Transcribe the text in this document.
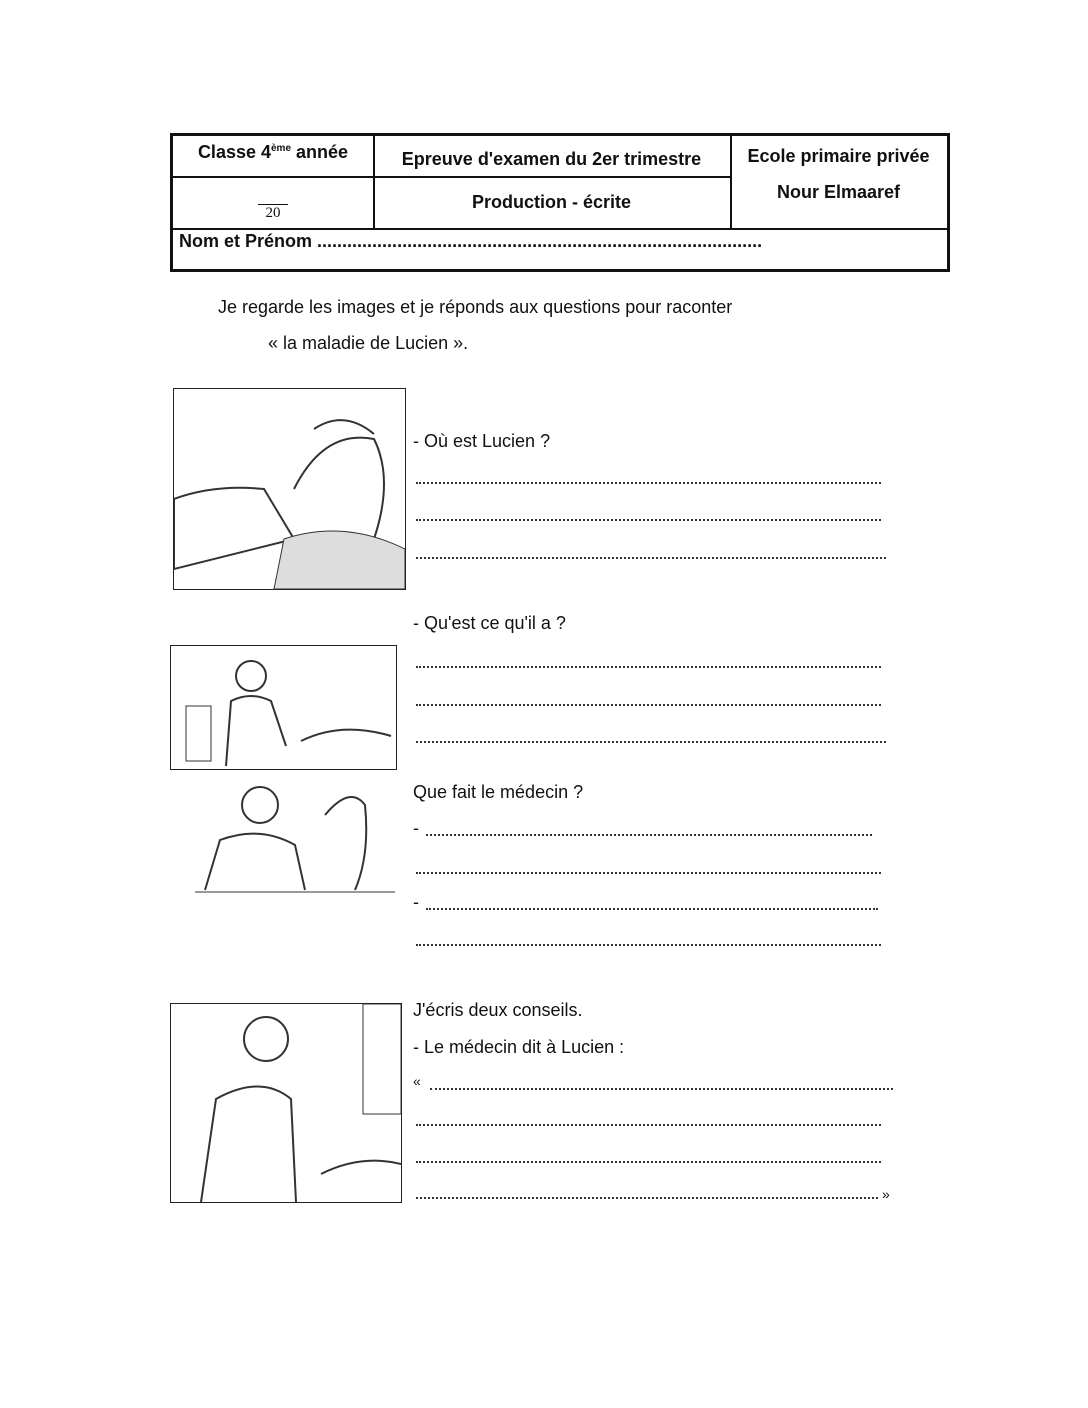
Classe 4ème année	Epreuve d'examen du 2er trimestre	Ecole primaire privée
Nour Elmaaref
20
Production - écrite
Nom et Prénom .........................................................................................
Je regarde les images et je réponds aux questions pour raconter
« la maladie de Lucien ».
- Où est Lucien ?
- Qu'est ce qu'il a ?
Que fait le médecin ?
-
-
J'écris deux conseils.
- Le médecin dit à Lucien :
«
»
